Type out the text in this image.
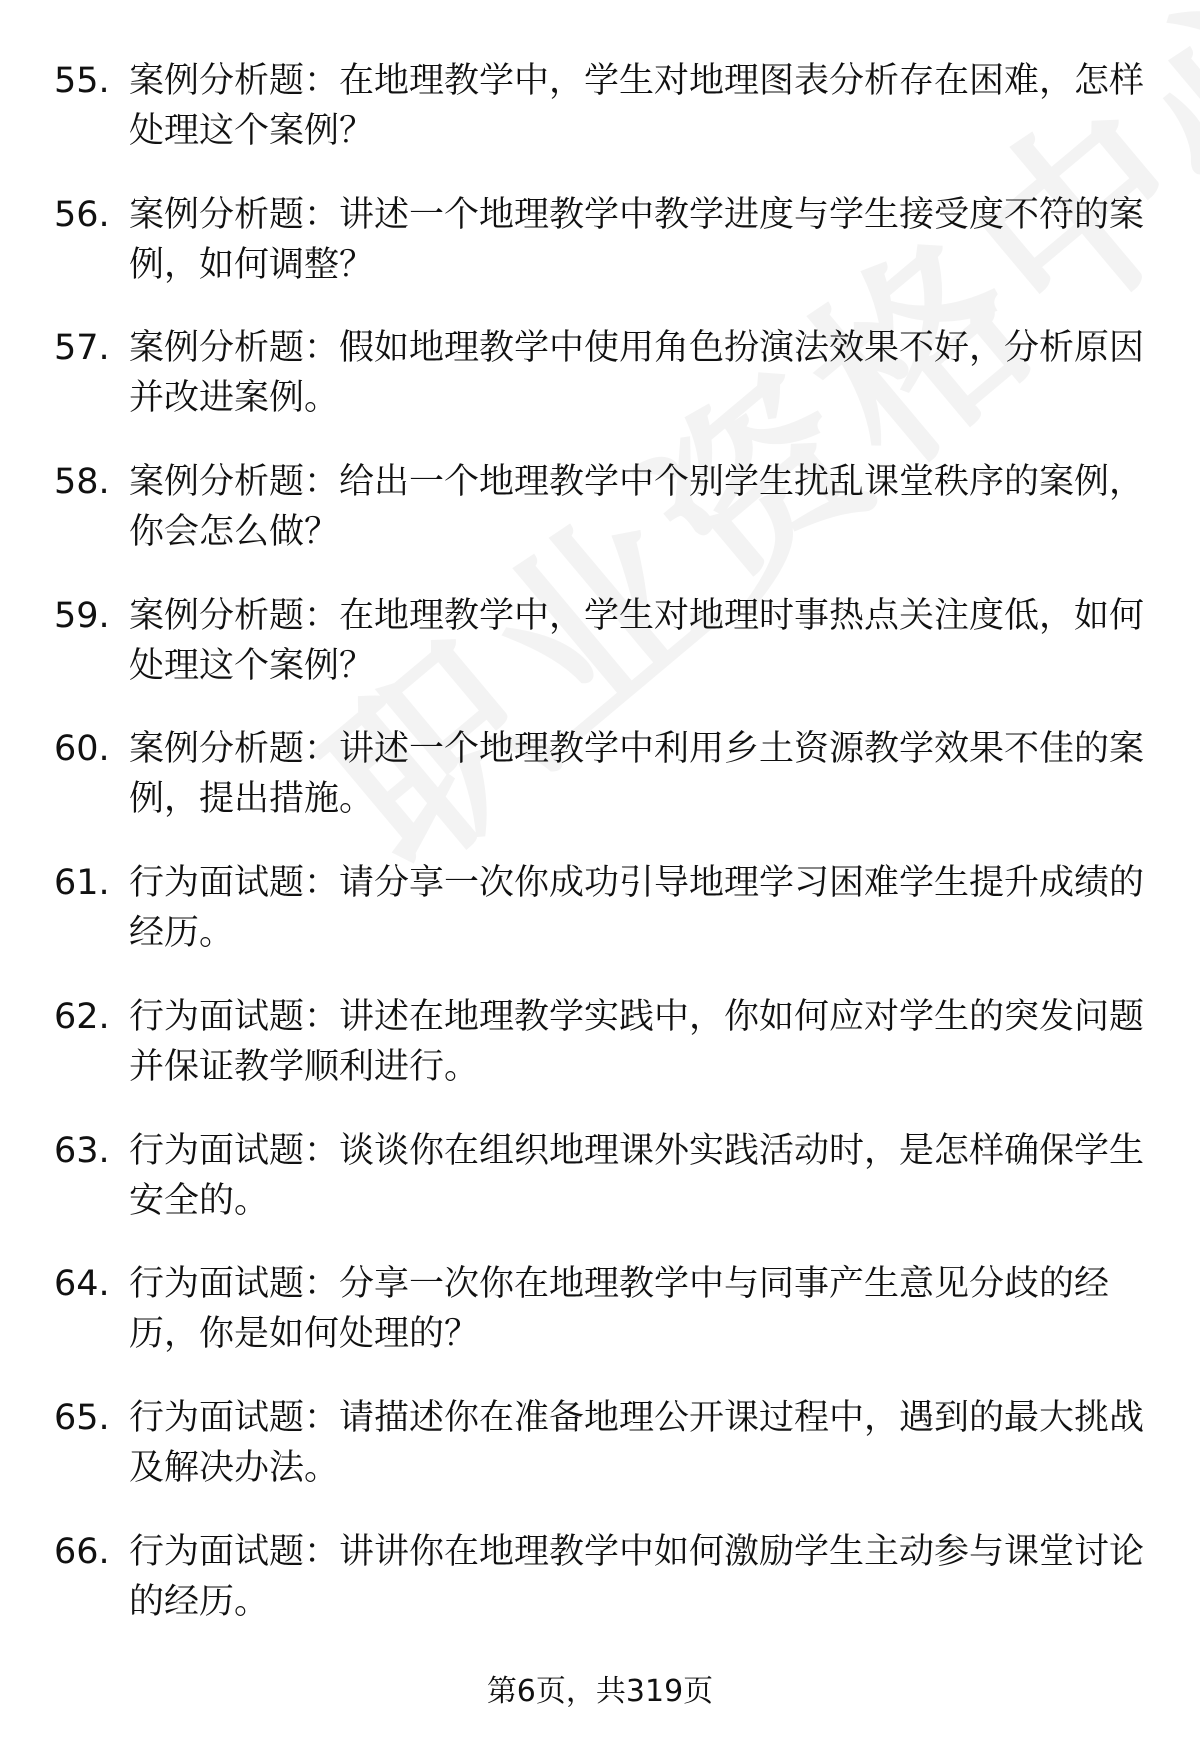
55. 案例分析题：在地理教学中，学生对地理图表分析存在困难，怎样处理这个案例？
56. 案例分析题：讲述一个地理教学中教学进度与学生接受度不符的案例，如何调整？
57. 案例分析题：假如地理教学中使用角色扮演法效果不好，分析原因并改进案例。
58. 案例分析题：给出一个地理教学中个别学生扰乱课堂秩序的案例，你会怎么做？
59. 案例分析题：在地理教学中，学生对地理时事热点关注度低，如何处理这个案例？
60. 案例分析题：讲述一个地理教学中利用乡土资源教学效果不佳的案例，提出措施。
61. 行为面试题：请分享一次你成功引导地理学习困难学生提升成绩的经历。
62. 行为面试题：讲述在地理教学实践中，你如何应对学生的突发问题并保证教学顺利进行。
63. 行为面试题：谈谈你在组织地理课外实践活动时，是怎样确保学生安全的。
64. 行为面试题：分享一次你在地理教学中与同事产生意见分歧的经历，你是如何处理的？
65. 行为面试题：请描述你在准备地理公开课过程中，遇到的最大挑战及解决办法。
66. 行为面试题：讲讲你在地理教学中如何激励学生主动参与课堂讨论的经历。
第6页，共319页
